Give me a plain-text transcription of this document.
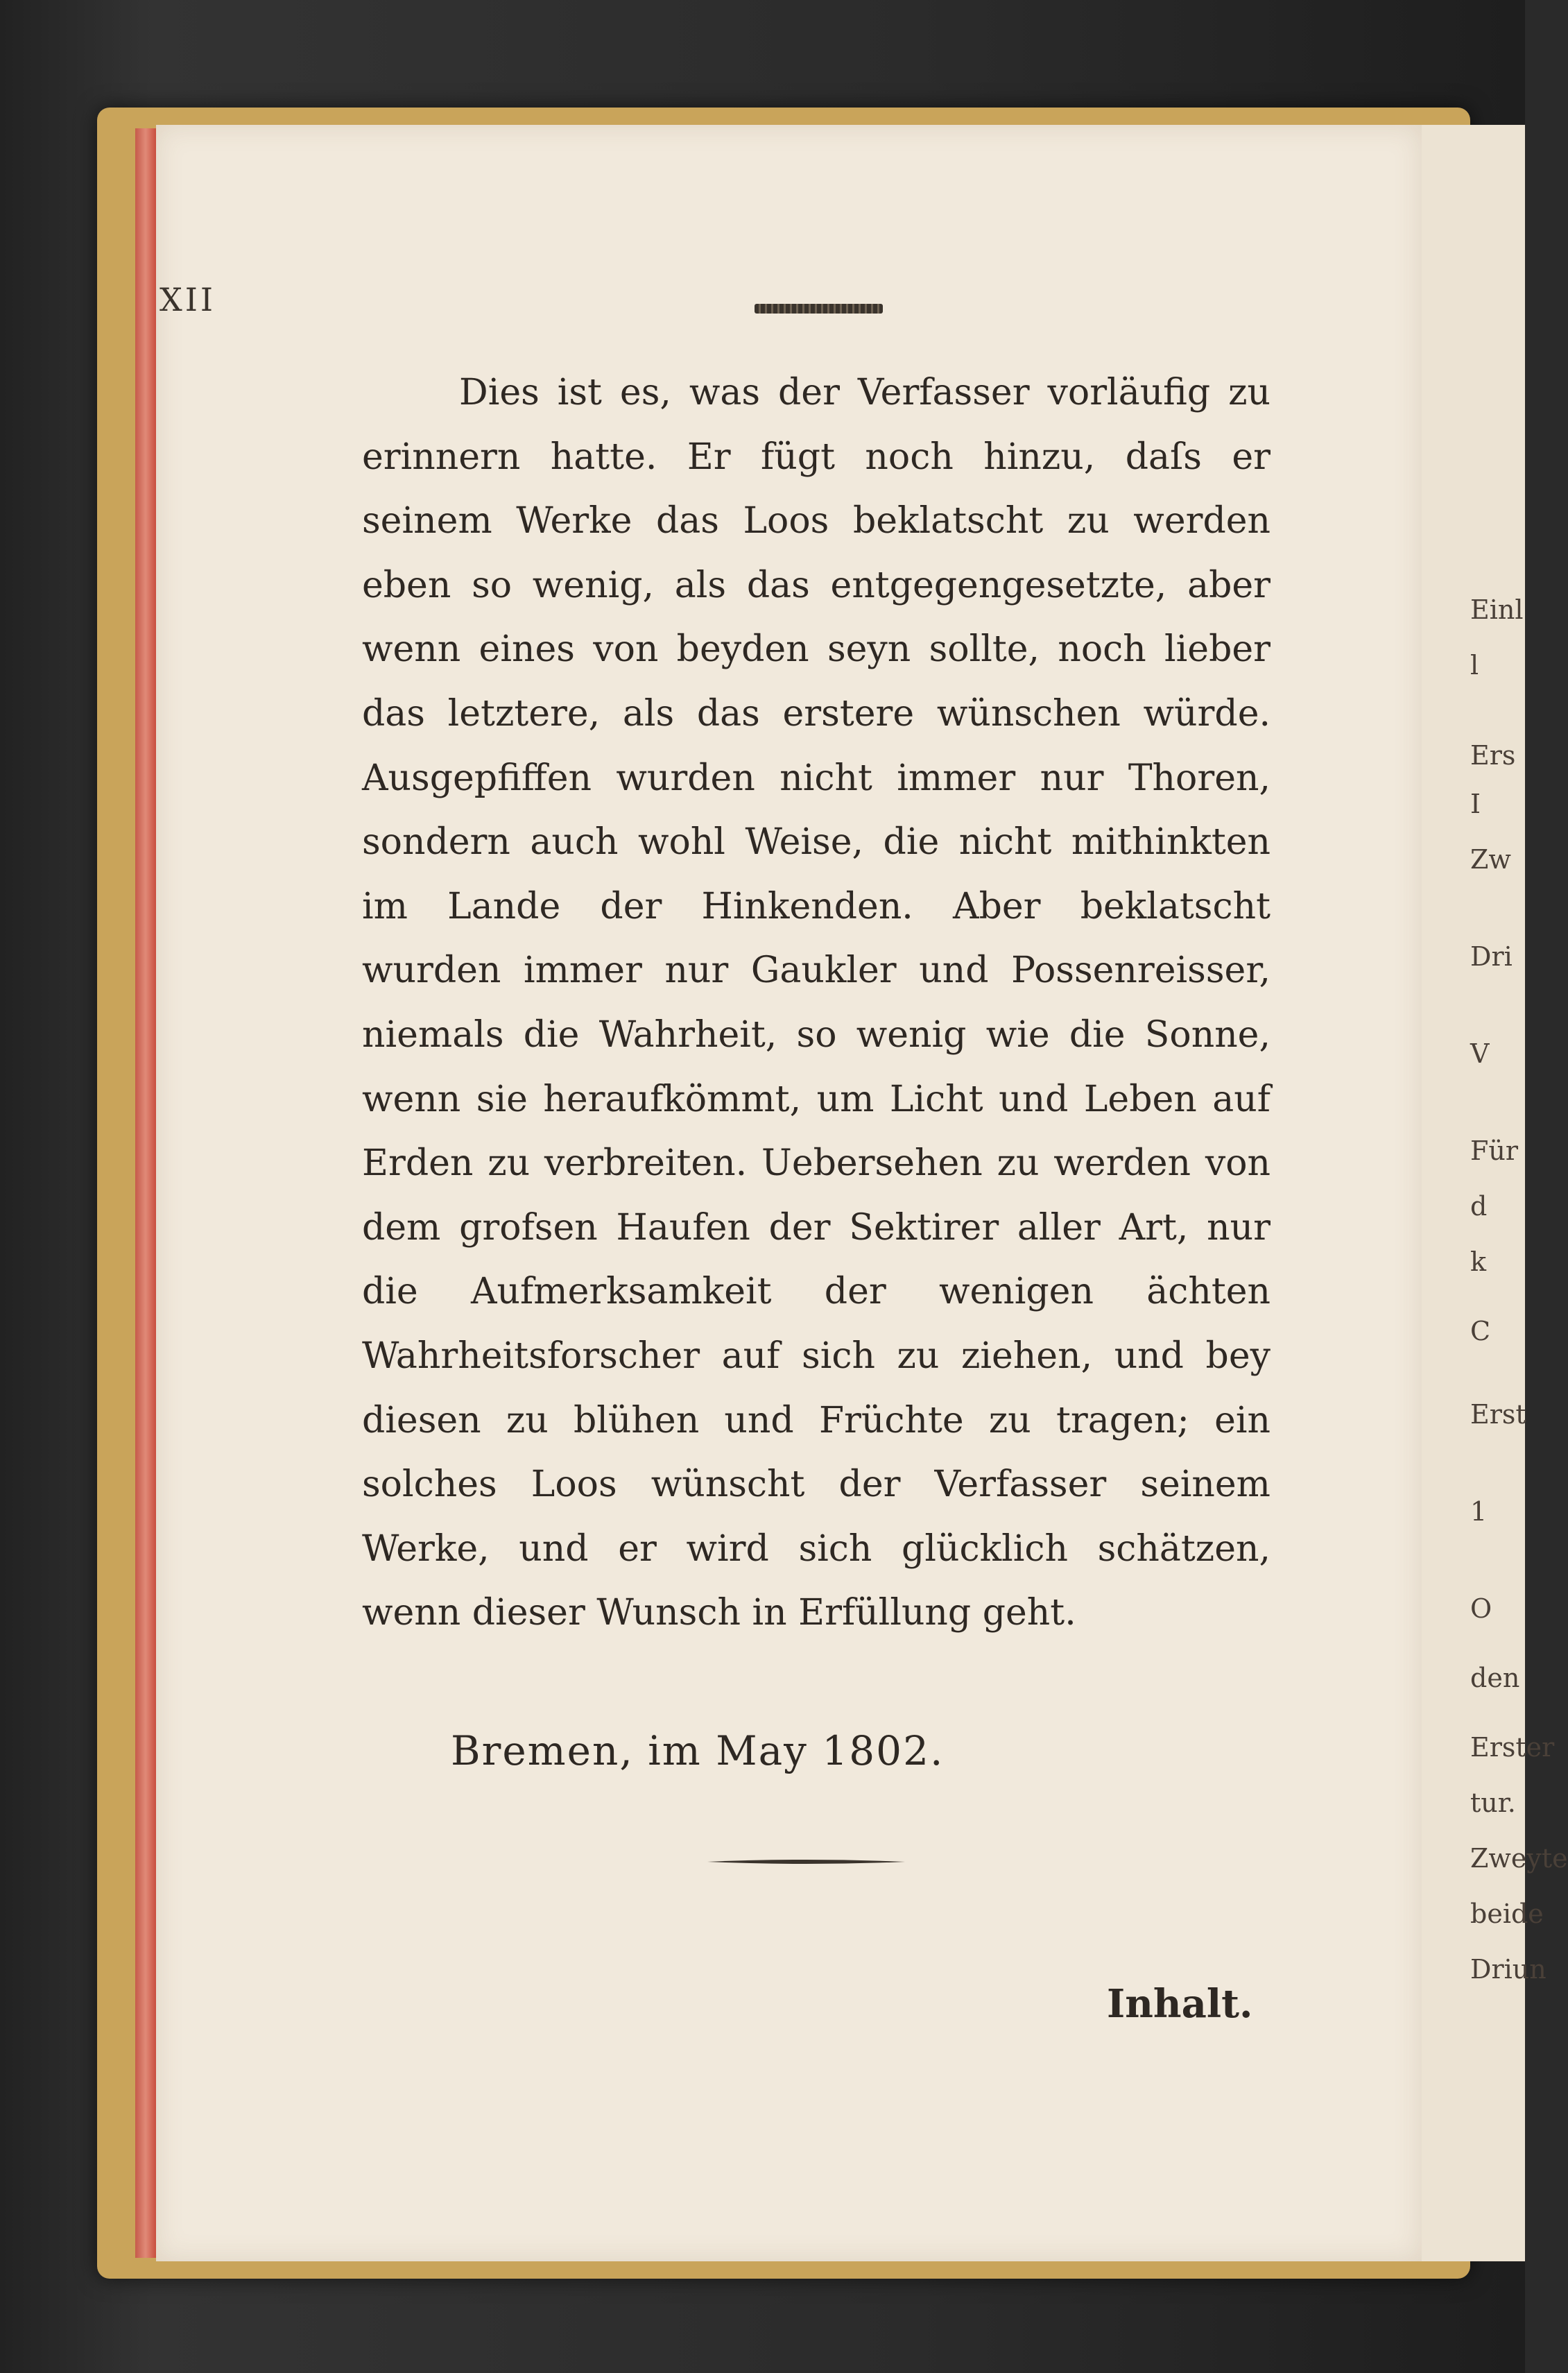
XII

Dies ist es, was der Verfasser vorläufig zu erinnern hatte. Er fügt noch hinzu, daſs er seinem Werke das Loos beklatscht zu werden eben so wenig, als das entgegengesetzte, aber wenn eines von beyden seyn sollte, noch lieber das letztere, als das erstere wünschen würde. Ausgepfiffen wurden nicht immer nur Thoren, sondern auch wohl Weise, die nicht mithinkten im Lande der Hinkenden. Aber beklatscht wurden immer nur Gaukler und Possenreisser, niemals die Wahrheit, so wenig wie die Sonne, wenn sie heraufkömmt, um Licht und Leben auf Erden zu verbreiten. Uebersehen zu werden von dem grofsen Haufen der Sektirer aller Art, nur die Aufmerksamkeit der wenigen ächten Wahrheitsforscher auf sich zu ziehen, und bey diesen zu blühen und Früchte zu tragen; ein solches Loos wünscht der Verfasser seinem Werke, und er wird sich glücklich schätzen, wenn dieser Wunsch in Erfüllung geht.

Bremen, im May 1802.
Inhalt.
Einl
l
Ers
I
Zw
Dri
V
Für
d
k
C
Erst
1
O
den
Erster
tur.
Zweyte
beide
Driun
